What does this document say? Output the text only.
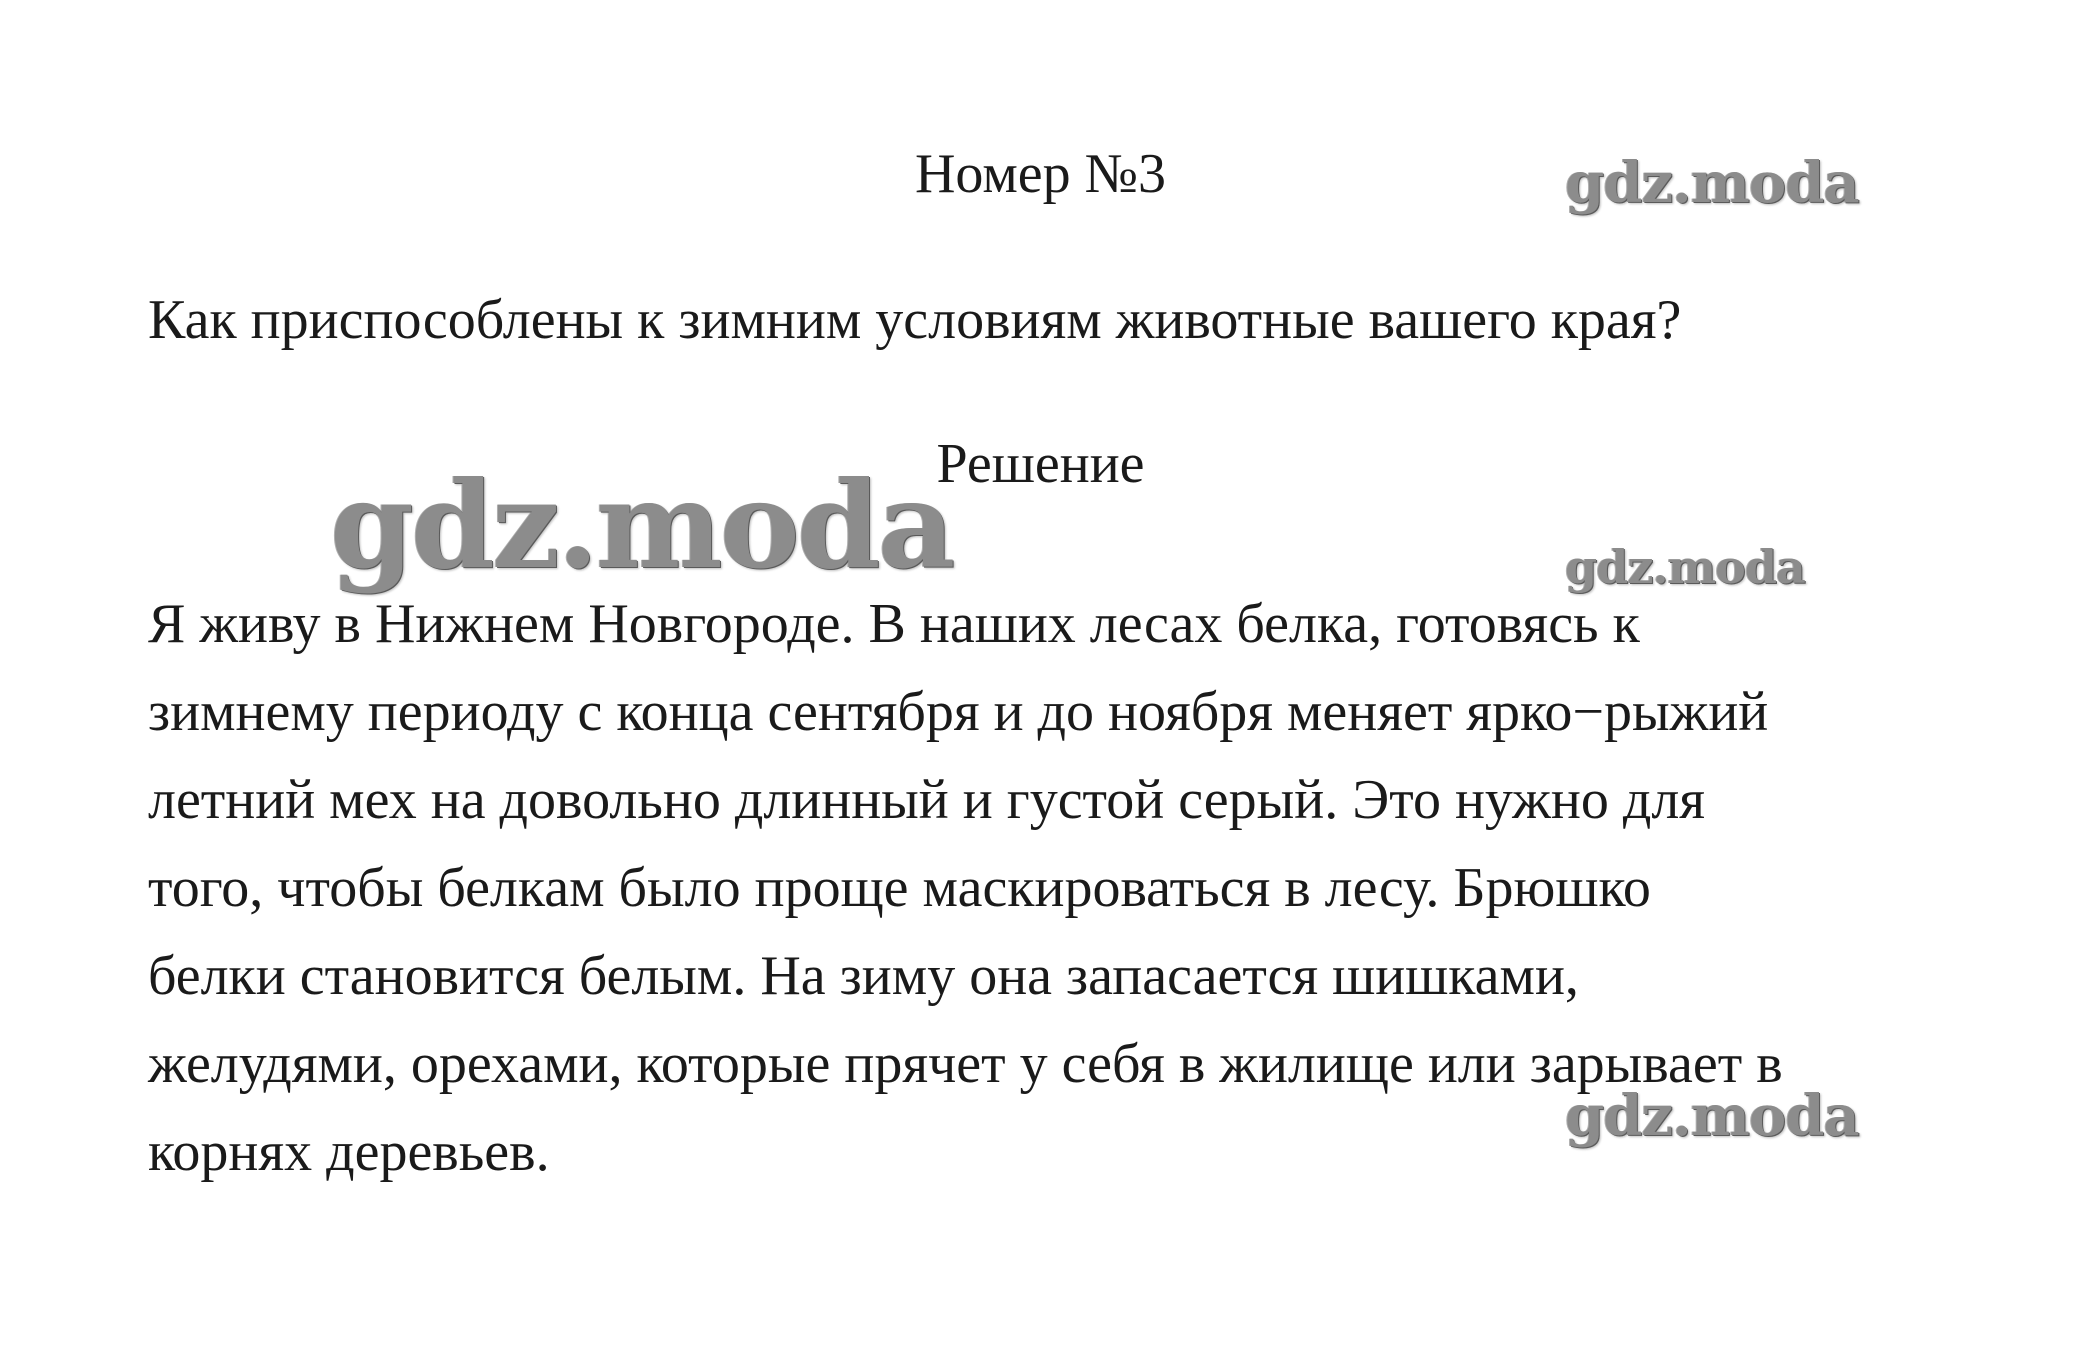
Номер №3	gdz.moda
Как приспособлены к зимним условиям животные вашего края?
gdz.moda
Решение
gdz.moda
Я живу в Нижнем Новгороде. В наших лесах белка, готовясь к
зимнему периоду с конца сентября и до ноября меняет ярко−рыжий
летний мех на довольно длинный и густой серый. Это нужно для
того, чтобы белкам было проще маскироваться в лесу. Брюшко
белки становится белым. На зиму она запасается шишками,
желудями, орехами, которые прячет у себя в жилище или зарывает в
корнях деревьев.
gdz.moda
